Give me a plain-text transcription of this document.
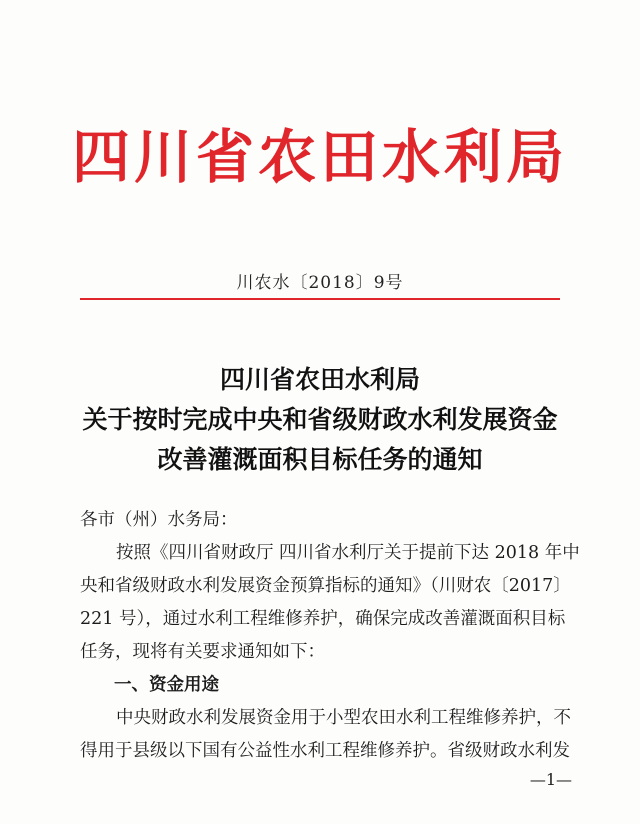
四川省农田水利局
川农水〔2018〕9号
四川省农田水利局
关于按时完成中央和省级财政水利发展资金
改善灌溉面积目标任务的通知
各市（州）水务局：
按照《四川省财政厅 四川省水利厅关于提前下达 2018 年中
央和省级财政水利发展资金预算指标的通知》（川财农〔2017〕
221 号），通过水利工程维修养护，确保完成改善灌溉面积目标
任务，现将有关要求通知如下：
一、资金用途
中央财政水利发展资金用于小型农田水利工程维修养护，不
得用于县级以下国有公益性水利工程维修养护。省级财政水利发
—1—
